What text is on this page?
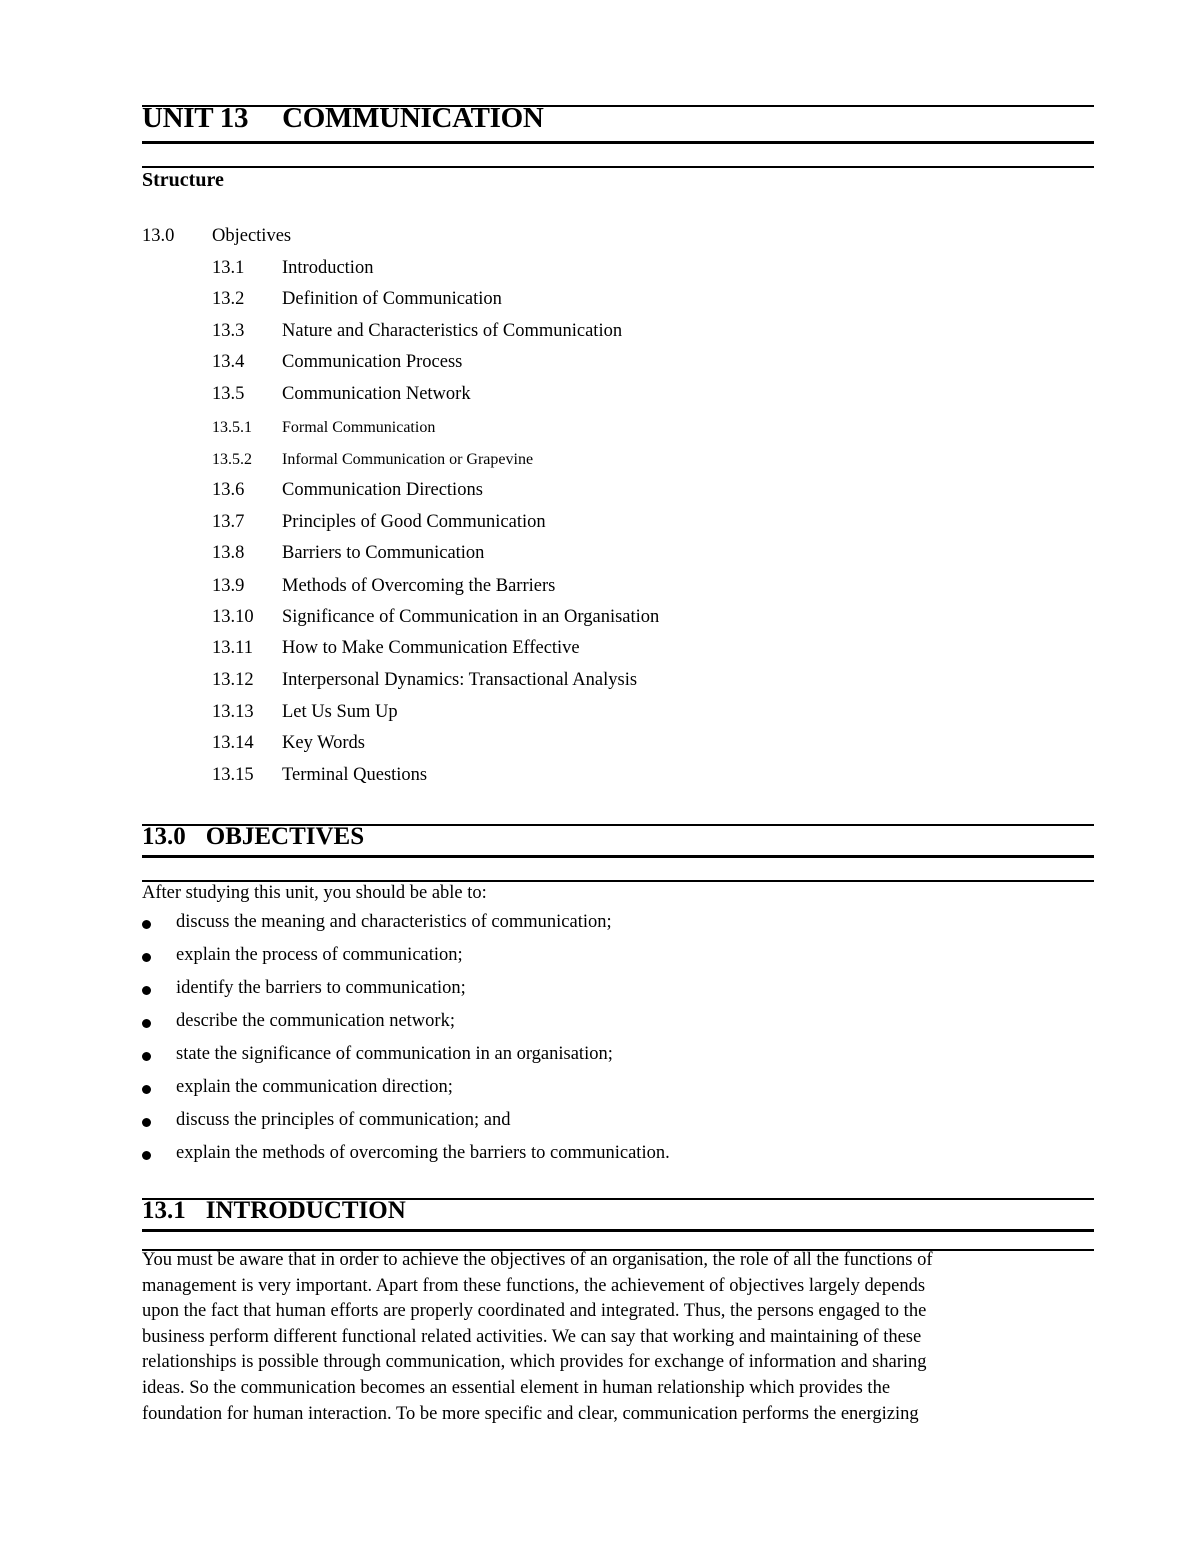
UNIT 13 COMMUNICATION
Structure
13.0 Objectives
13.1 Introduction
13.2 Definition of Communication
13.3 Nature and Characteristics of Communication
13.4 Communication Process
13.5 Communication Network
13.5.1 Formal Communication
13.5.2 Informal Communication or Grapevine
13.6 Communication Directions
13.7 Principles of Good Communication
13.8 Barriers to Communication
13.9 Methods of Overcoming the Barriers
13.10 Significance of Communication in an Organisation
13.11 How to Make Communication Effective
13.12 Interpersonal Dynamics: Transactional Analysis
13.13 Let Us Sum Up
13.14 Key Words
13.15 Terminal Questions
13.0 OBJECTIVES
After studying this unit, you should be able to:
discuss the meaning and characteristics of communication;
explain the process of communication;
identify the barriers to communication;
describe the communication network;
state the significance of communication in an organisation;
explain the communication direction;
discuss the principles of communication; and
explain the methods of overcoming the barriers to communication.
13.1 INTRODUCTION
You must be aware that in order to achieve the objectives of an organisation, the role of all the functions of
management is very important. Apart from these functions, the achievement of objectives largely depends
upon the fact that human efforts are properly coordinated and integrated. Thus, the persons engaged to the
business perform different functional related activities. We can say that working and maintaining of these
relationships is possible through communication, which provides for exchange of information and sharing
ideas. So the communication becomes an essential element in human relationship which provides the
foundation for human interaction. To be more specific and clear, communication performs the energizing
